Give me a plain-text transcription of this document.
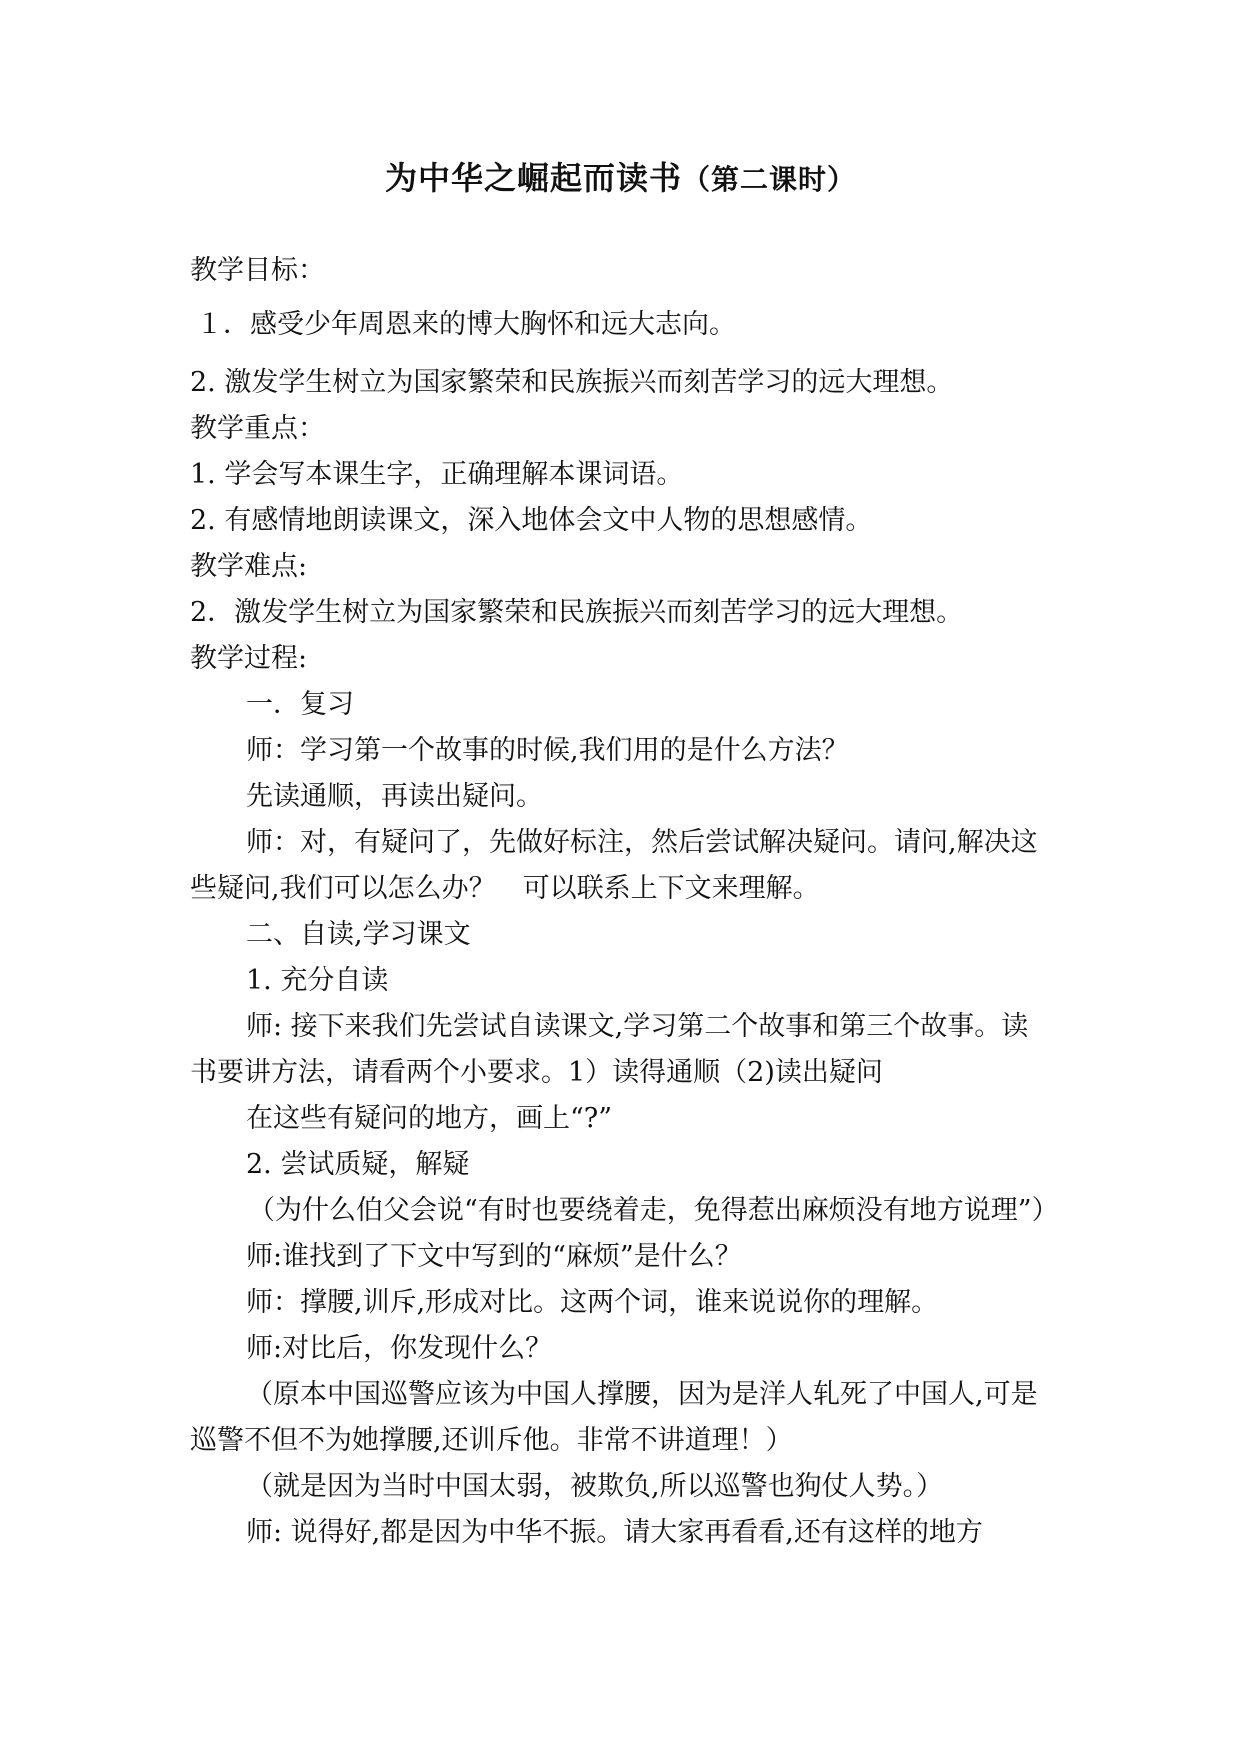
为中华之崛起而读书（第二课时）

教学目标：

１．感受少年周恩来的博大胸怀和远大志向。

2. 激发学生树立为国家繁荣和民族振兴而刻苦学习的远大理想。

教学重点：

1. 学会写本课生字，正确理解本课词语。

2. 有感情地朗读课文，深入地体会文中人物的思想感情。

教学难点:

2．激发学生树立为国家繁荣和民族振兴而刻苦学习的远大理想。

教学过程:

一．复习

师：学习第一个故事的时候,我们用的是什么方法？

先读通顺，再读出疑问。

师：对，有疑问了，先做好标注，然后尝试解决疑问。请问,解决这些疑问,我们可以怎么办？　可以联系上下文来理解。

二、自读,学习课文

1. 充分自读

师: 接下来我们先尝试自读课文,学习第二个故事和第三个故事。读书要讲方法，请看两个小要求。1）读得通顺（2)读出疑问

在这些有疑问的地方，画上“?”

2. 尝试质疑，解疑

（为什么伯父会说“有时也要绕着走，免得惹出麻烦没有地方说理”）

师:谁找到了下文中写到的“麻烦”是什么？

师：撑腰,训斥,形成对比。这两个词，谁来说说你的理解。

师:对比后，你发现什么？

（原本中国巡警应该为中国人撑腰，因为是洋人轧死了中国人,可是巡警不但不为她撑腰,还训斥他。非常不讲道理！）

（就是因为当时中国太弱，被欺负,所以巡警也狗仗人势。）

师: 说得好,都是因为中华不振。请大家再看看,还有这样的地方
